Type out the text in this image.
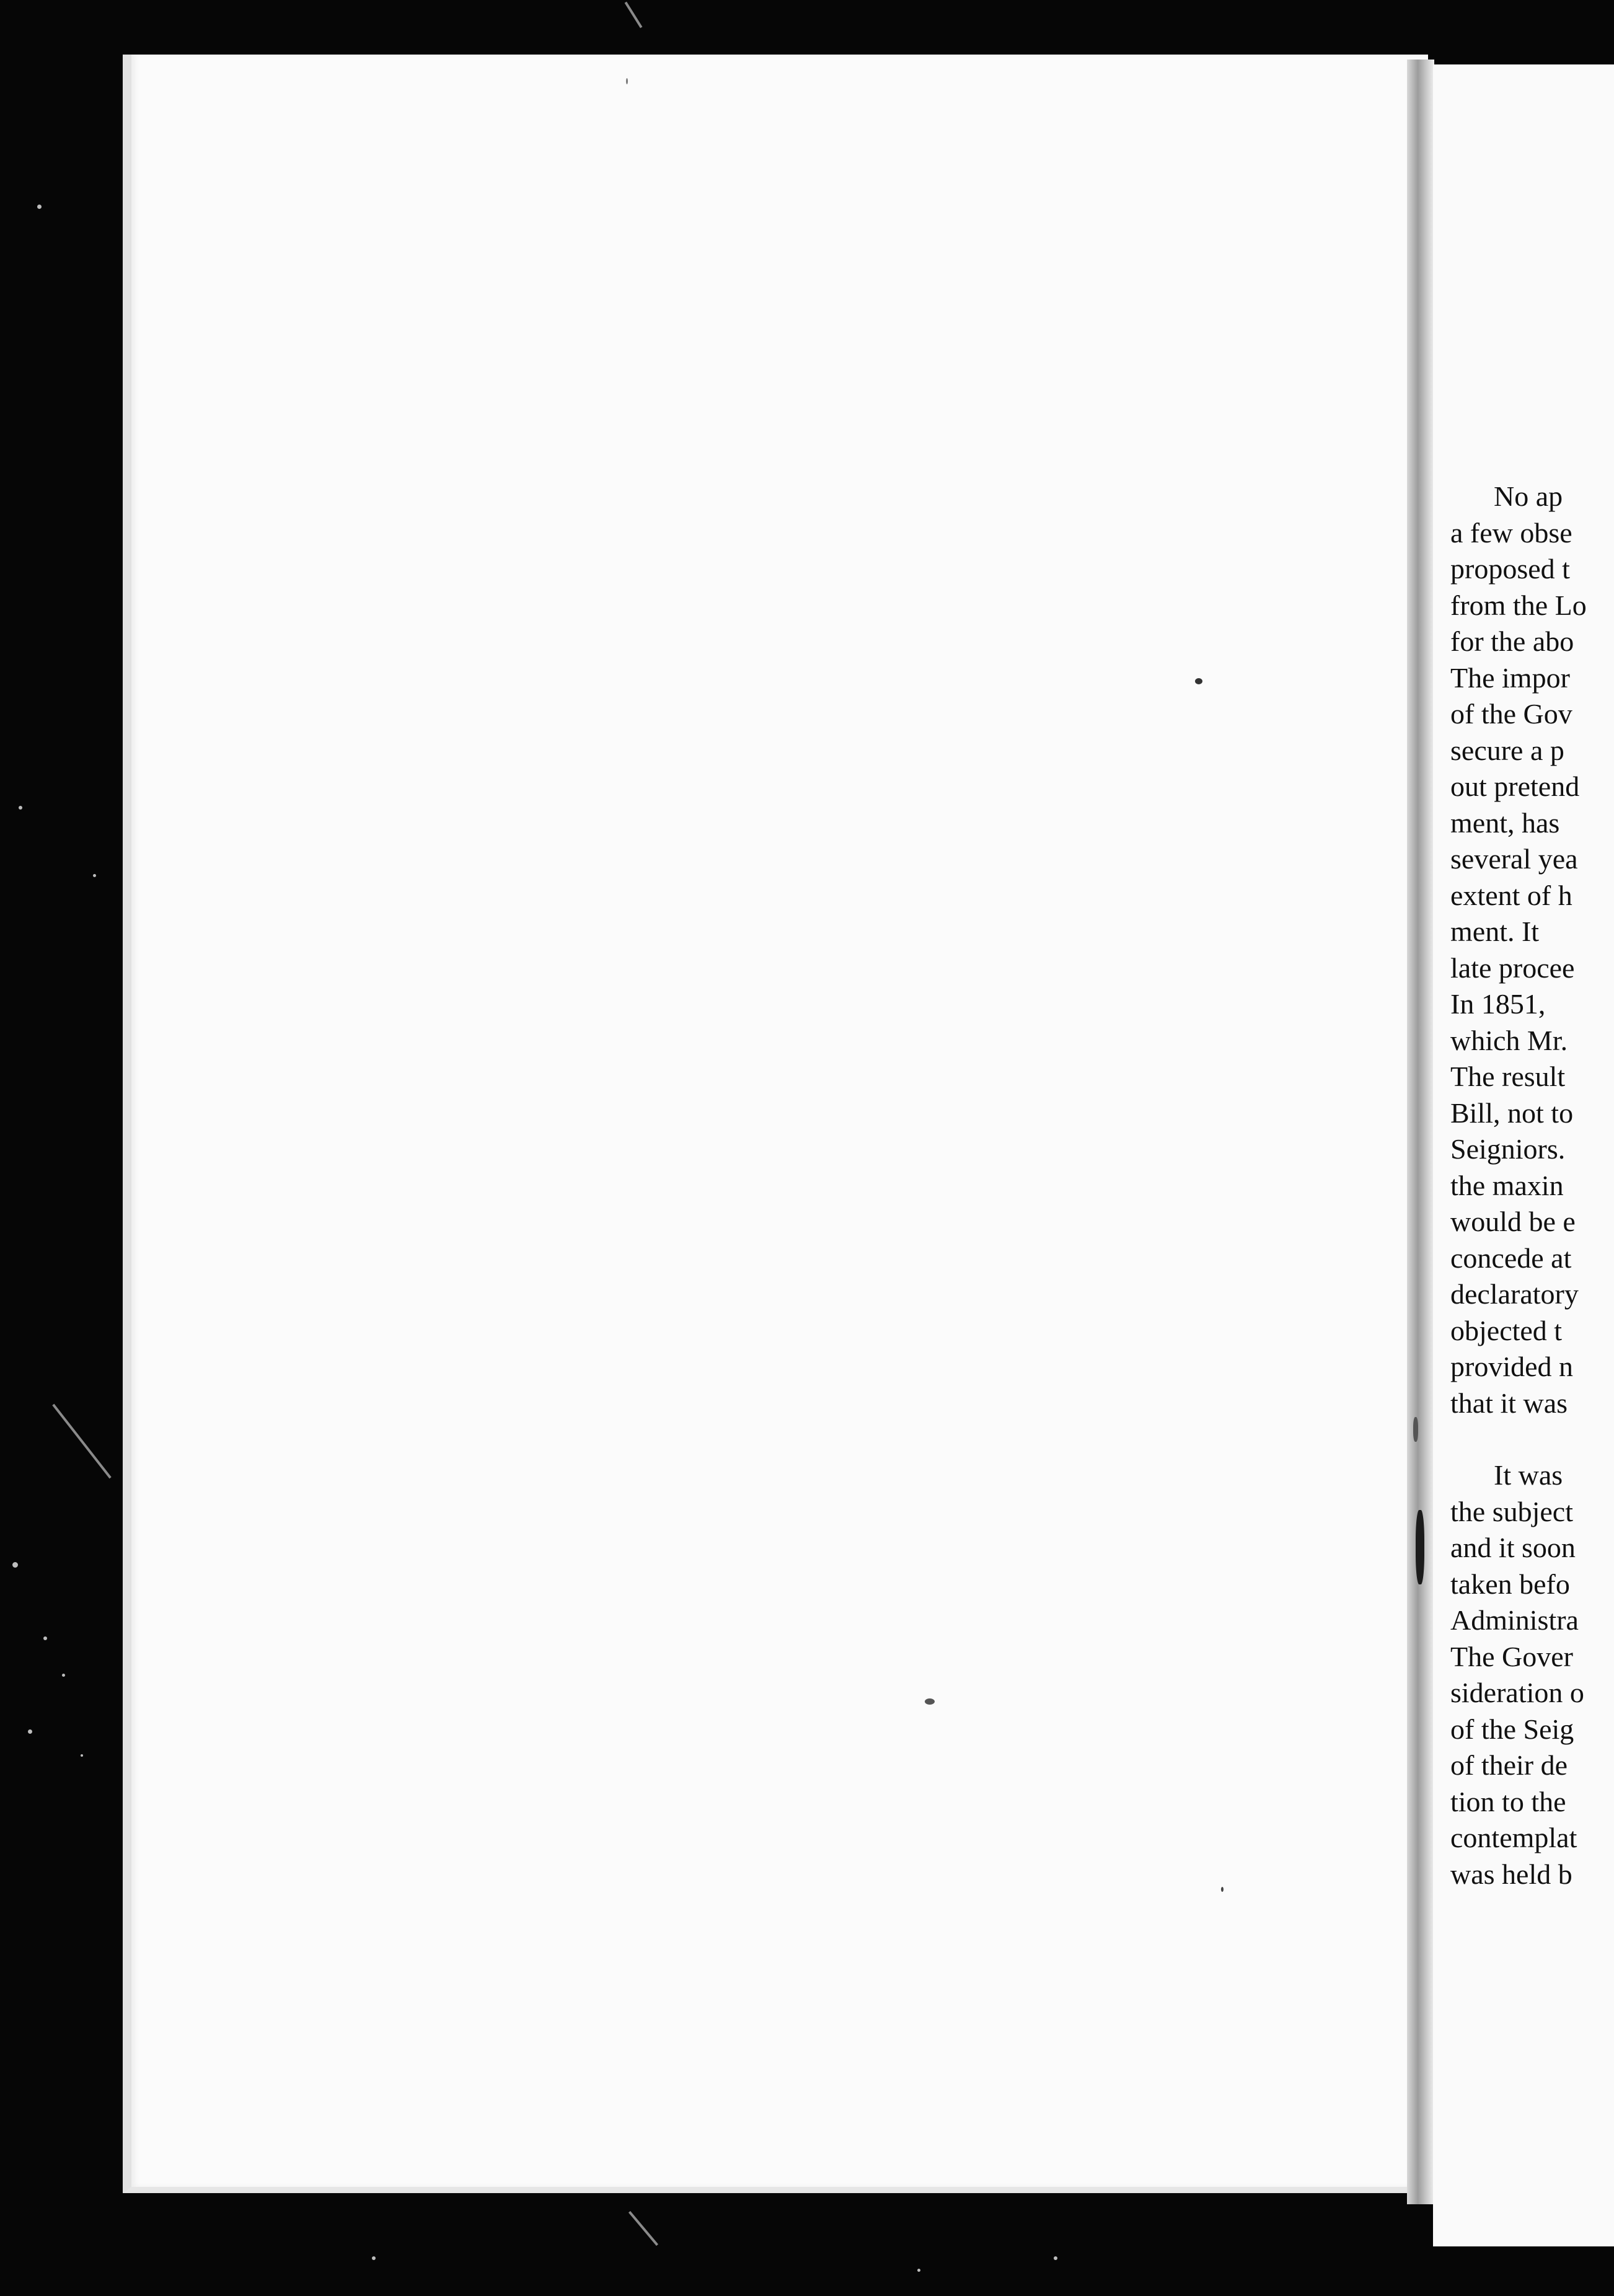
No ap
a few obse
proposed t
from the Lo
for the abo
The impor
of the Gov
secure a p
out pretend
ment, has
several yea
extent of h
ment. It
late procee
In 1851,
which Mr.
The result
Bill, not to
Seigniors.
the maxin
would be e
concede at
declaratory
objected t
provided n
that it was
It was
the subject
and it soon
taken befo
Administra
The Gover
sideration o
of the Seig
of their de
tion to the
contemplat
was held b
